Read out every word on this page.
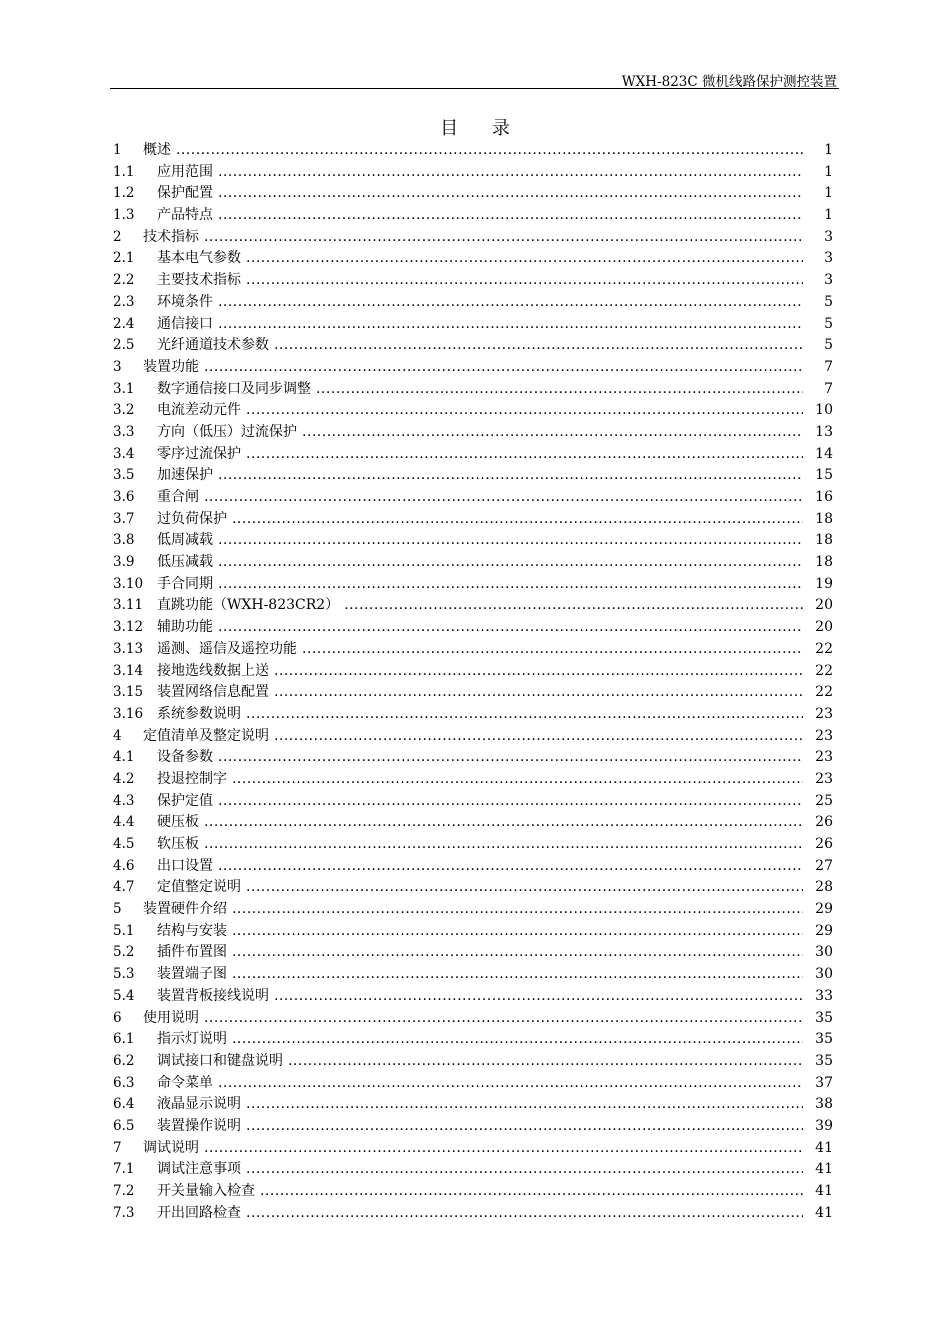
WXH-823C 微机线路保护测控装置
目 录
1 概述 .....	1
1.1 应用范围 .....	1
1.2 保护配置 .....	1
1.3 产品特点 .....	1
2 技术指标 .....	3
2.1 基本电气参数 .....	3
2.2 主要技术指标 .....	3
2.3 环境条件 .....	5
2.4 通信接口 .....	5
2.5 光纤通道技术参数 .....	5
3 装置功能 .....	7
3.1 数字通信接口及同步调整 .....	7
3.2 电流差动元件 .....	10
3.3 方向（低压）过流保护 .....	13
3.4 零序过流保护 .....	14
3.5 加速保护 .....	15
3.6 重合闸 .....	16
3.7 过负荷保护 .....	18
3.8 低周减载 .....	18
3.9 低压减载 .....	18
3.10 手合同期 .....	19
3.11 直跳功能（WXH-823CR2） .....	20
3.12 辅助功能 .....	20
3.13 遥测、遥信及遥控功能 .....	22
3.14 接地选线数据上送 .....	22
3.15 装置网络信息配置 .....	22
3.16 系统参数说明 .....	23
4 定值清单及整定说明 .....	23
4.1 设备参数 .....	23
4.2 投退控制字 .....	23
4.3 保护定值 .....	25
4.4 硬压板 .....	26
4.5 软压板 .....	26
4.6 出口设置 .....	27
4.7 定值整定说明 .....	28
5 装置硬件介绍 .....	29
5.1 结构与安装 .....	29
5.2 插件布置图 .....	30
5.3 装置端子图 .....	30
5.4 装置背板接线说明 .....	33
6 使用说明 .....	35
6.1 指示灯说明 .....	35
6.2 调试接口和键盘说明 .....	35
6.3 命令菜单 .....	37
6.4 液晶显示说明 .....	38
6.5 装置操作说明 .....	39
7 调试说明 .....	41
7.1 调试注意事项 .....	41
7.2 开关量输入检查 .....	41
7.3 开出回路检查 .....	41
